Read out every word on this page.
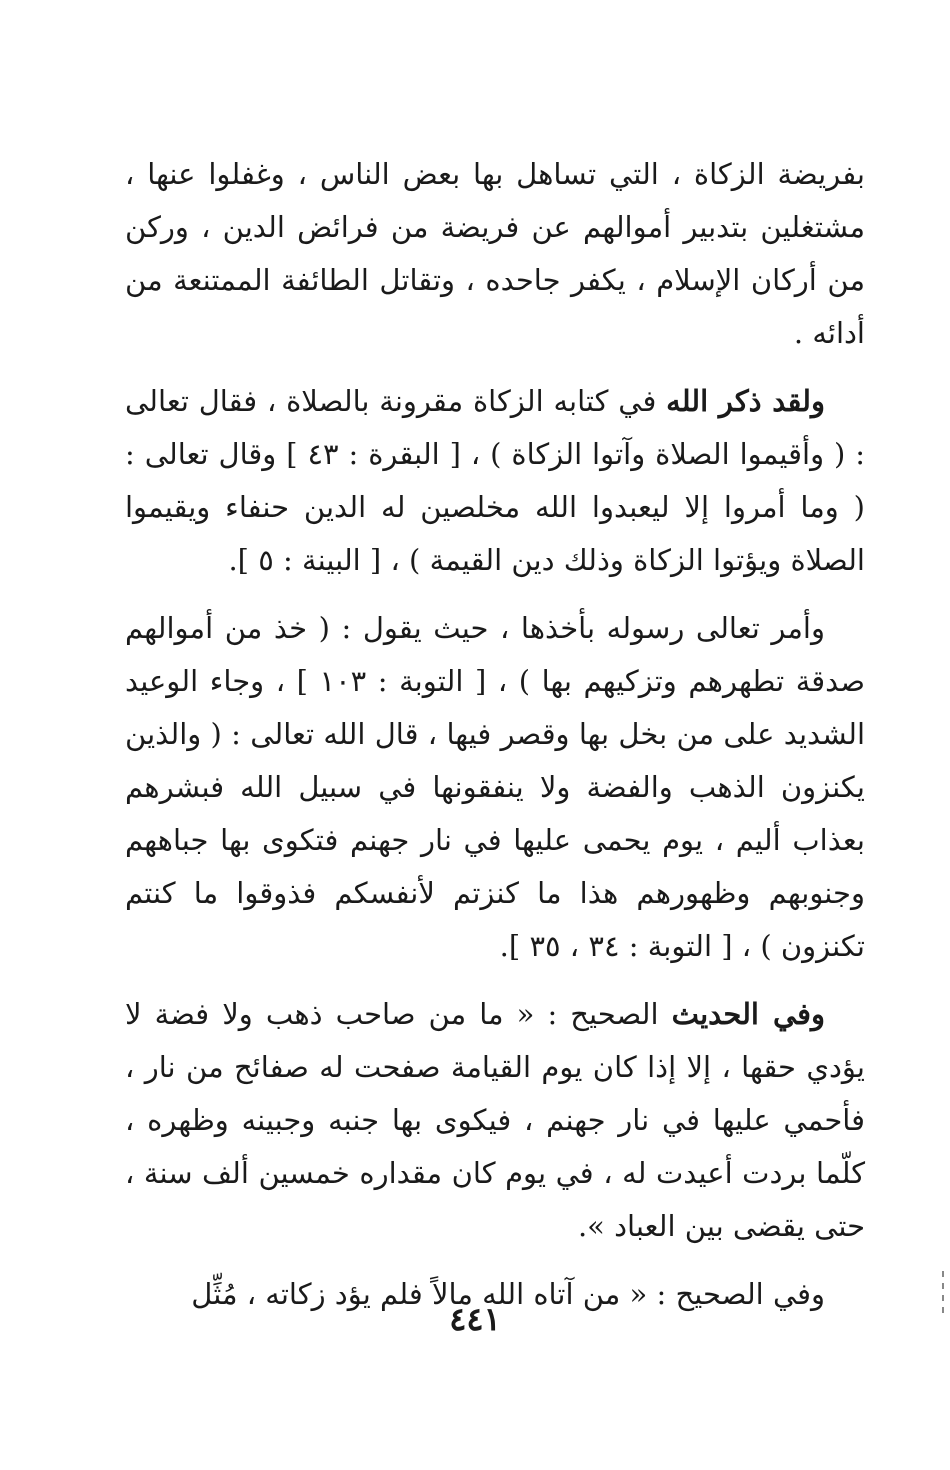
بفريضة الزكاة ، التي تساهل بها بعض الناس ، وغفلوا عنها ، مشتغلين بتدبير أموالهم عن فريضة من فرائض الدين ، وركن من أركان الإسلام ، يكفر جاحده ، وتقاتل الطائفة الممتنعة من أدائه .

ولقد ذكر الله في كتابه الزكاة مقرونة بالصلاة ، فقال تعالى : ( وأقيموا الصلاة وآتوا الزكاة ) ، [ البقرة : ٤٣ ] وقال تعالى : ( وما أمروا إلا ليعبدوا الله مخلصين له الدين حنفاء ويقيموا الصلاة ويؤتوا الزكاة وذلك دين القيمة ) ، [ البينة : ٥ ].

وأمر تعالى رسوله بأخذها ، حيث يقول : ( خذ من أموالهم صدقة تطهرهم وتزكيهم بها ) ، [ التوبة : ١٠٣ ] ، وجاء الوعيد الشديد على من بخل بها وقصر فيها ، قال الله تعالى : ( والذين يكنزون الذهب والفضة ولا ينفقونها في سبيل الله فبشرهم بعذاب أليم ، يوم يحمى عليها في نار جهنم فتكوى بها جباههم وجنوبهم وظهورهم هذا ما كنزتم لأنفسكم فذوقوا ما كنتم تكنزون ) ، [ التوبة : ٣٤ ، ٣٥ ].

وفي الحديث الصحيح : « ما من صاحب ذهب ولا فضة لا يؤدي حقها ، إلا إذا كان يوم القيامة صفحت له صفائح من نار ، فأحمي عليها في نار جهنم ، فيكوى بها جنبه وجبينه وظهره ، كلّما بردت أعيدت له ، في يوم كان مقداره خمسين ألف سنة ، حتى يقضى بين العباد ».

وفي الصحيح : « من آتاه الله مالاً فلم يؤد زكاته ، مُثِّل

٤٤١
